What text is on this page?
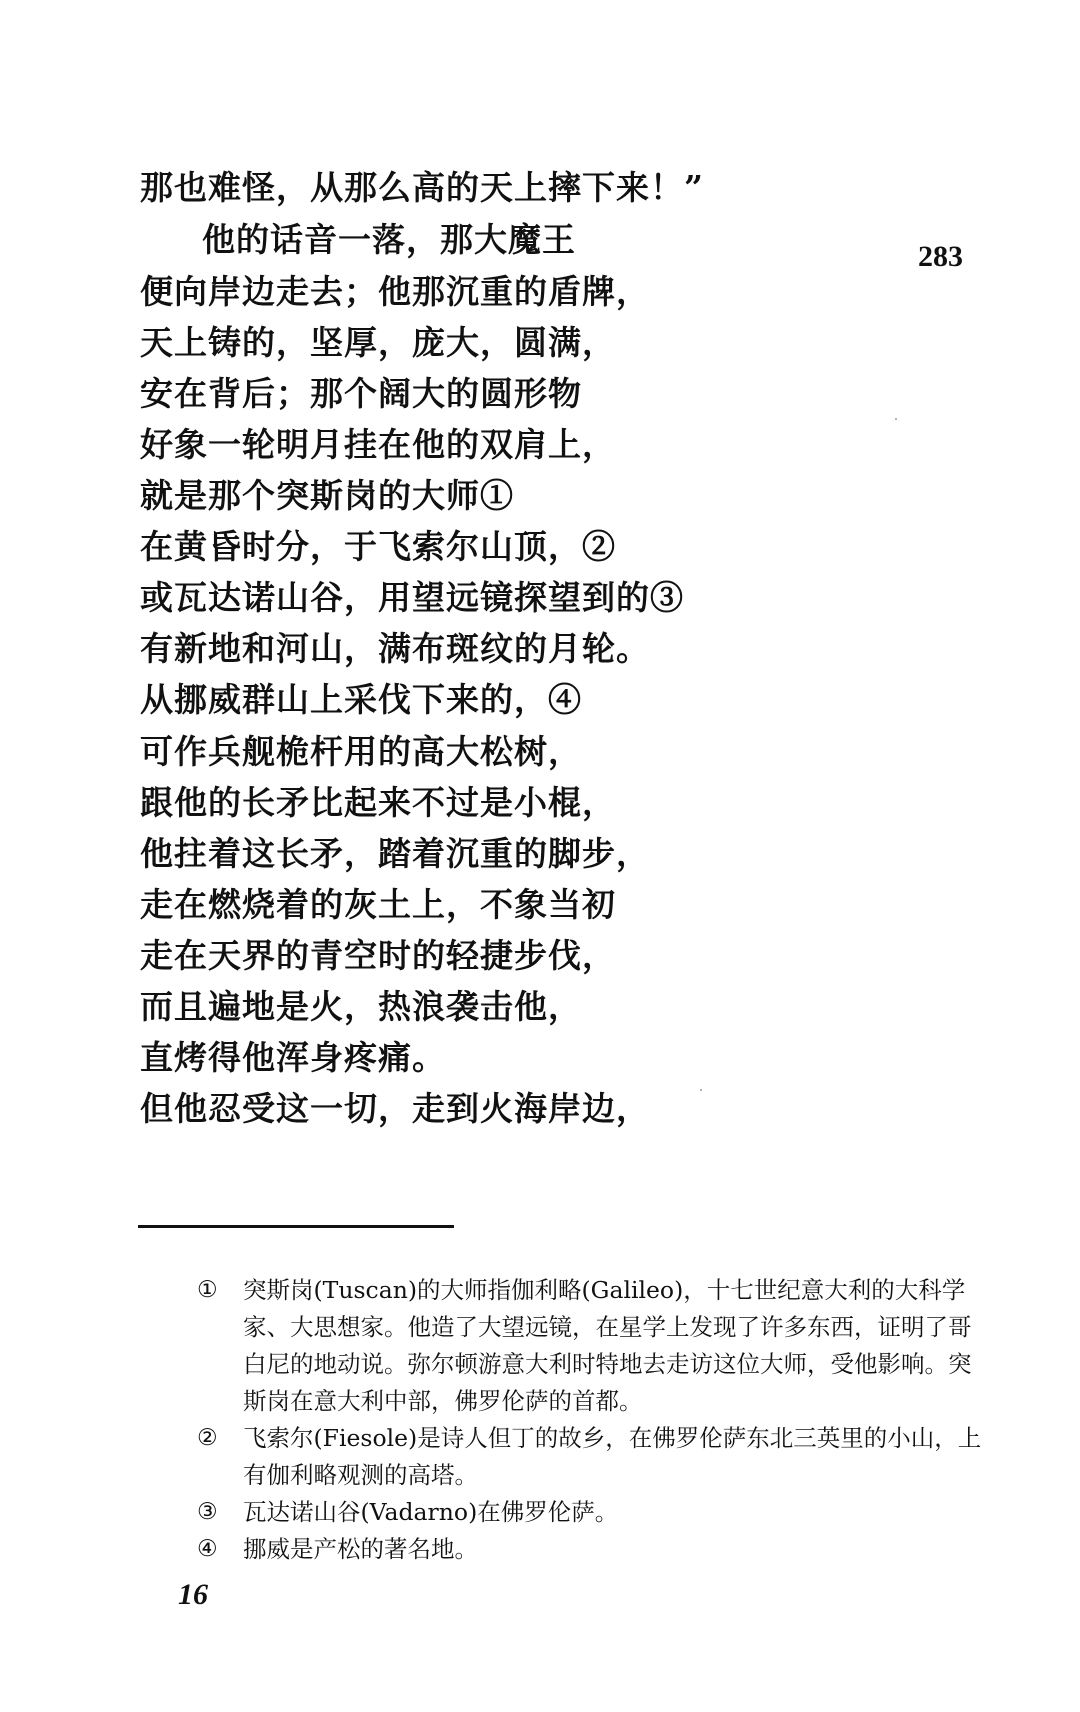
那也难怪，从那么高的天上摔下来！”
他的话音一落，那大魔王	283
便向岸边走去；他那沉重的盾牌，
天上铸的，坚厚，庞大，圆满，
安在背后；那个阔大的圆形物
好象一轮明月挂在他的双肩上，
就是那个突斯岗的大师①
在黄昏时分，于飞索尔山顶，②
或瓦达诺山谷，用望远镜探望到的③
有新地和河山，满布斑纹的月轮。
从挪威群山上采伐下来的，④
可作兵舰桅杆用的高大松树，
跟他的长矛比起来不过是小棍，
他拄着这长矛，踏着沉重的脚步，
走在燃烧着的灰土上，不象当初
走在天界的青空时的轻捷步伐，
而且遍地是火，热浪袭击他，
直烤得他浑身疼痛。
但他忍受这一切，走到火海岸边，
①	突斯岗(Tuscan)的大师指伽利略(Galileo)，十七世纪意大利的大科学家、大思想家。他造了大望远镜，在星学上发现了许多东西，证明了哥白尼的地动说。弥尔顿游意大利时特地去走访这位大师，受他影响。突斯岗在意大利中部，佛罗伦萨的首都。
②	飞索尔(Fiesole)是诗人但丁的故乡，在佛罗伦萨东北三英里的小山，上有伽利略观测的高塔。
③	瓦达诺山谷(Vadarno)在佛罗伦萨。
④	挪威是产松的著名地。
16
